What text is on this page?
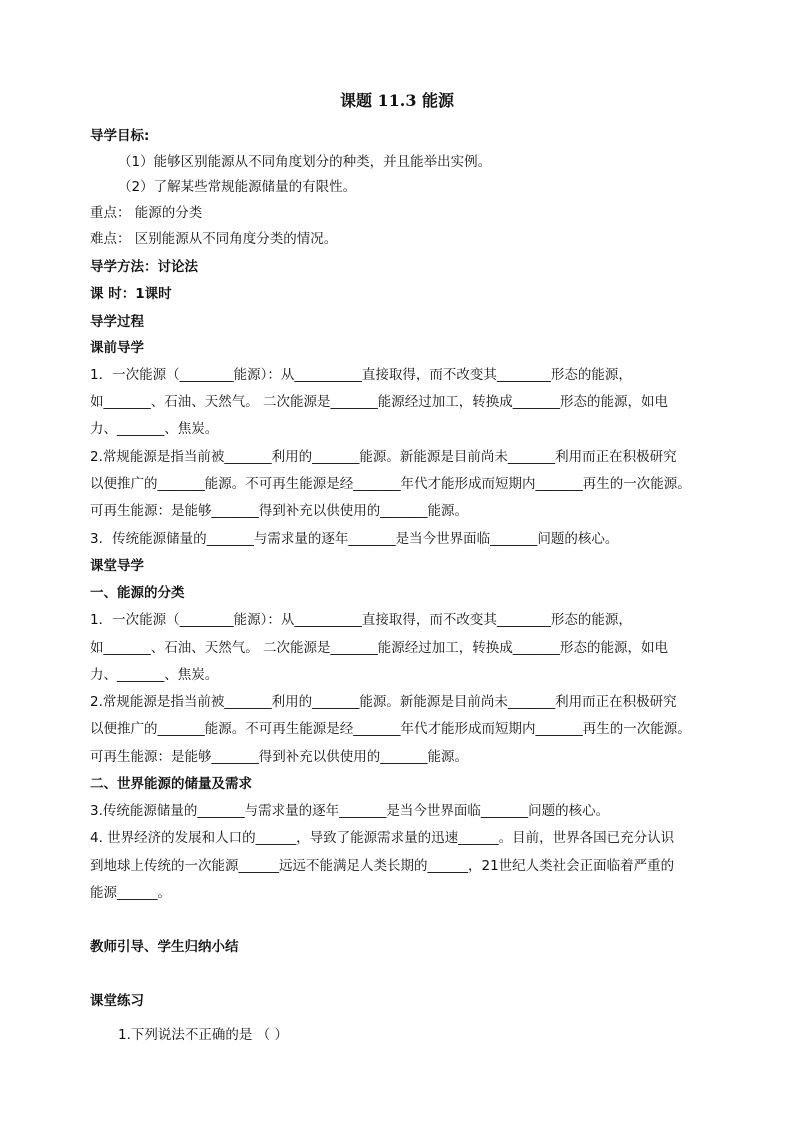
课题 11.3 能源
导学目标:
（1）能够区别能源从不同角度划分的种类，并且能举出实例。
（2）了解某些常规能源储量的有限性。
重点： 能源的分类
难点： 区别能源从不同角度分类的情况。
导学方法：讨论法
课 时：1课时
导学过程
课前导学
1．一次能源（________能源）：从__________直接取得，而不改变其________形态的能源，
如_______、石油、天然气。 二次能源是_______能源经过加工，转换成_______形态的能源，如电
力、_______、焦炭。
2.常规能源是指当前被_______利用的_______能源。新能源是目前尚未_______利用而正在积极研究
以便推广的_______能源。不可再生能源是经_______年代才能形成而短期内_______再生的一次能源。
可再生能源：是能够_______得到补充以供使用的_______能源。
3．传统能源储量的_______与需求量的逐年_______是当今世界面临_______问题的核心。
课堂导学
一、能源的分类
1．一次能源（________能源）：从__________直接取得，而不改变其________形态的能源，
如_______、石油、天然气。 二次能源是_______能源经过加工，转换成_______形态的能源，如电
力、_______、焦炭。
2.常规能源是指当前被_______利用的_______能源。新能源是目前尚未_______利用而正在积极研究
以便推广的_______能源。不可再生能源是经_______年代才能形成而短期内_______再生的一次能源。
可再生能源：是能够_______得到补充以供使用的_______能源。
二、世界能源的储量及需求
3.传统能源储量的_______与需求量的逐年_______是当今世界面临_______问题的核心。
4. 世界经济的发展和人口的______，导致了能源需求量的迅速______。目前，世界各国已充分认识
到地球上传统的一次能源______远远不能满足人类长期的______，21世纪人类社会正面临着严重的
能源______。
教师引导、学生归纳小结
课堂练习
1.下列说法不正确的是 （ ）
